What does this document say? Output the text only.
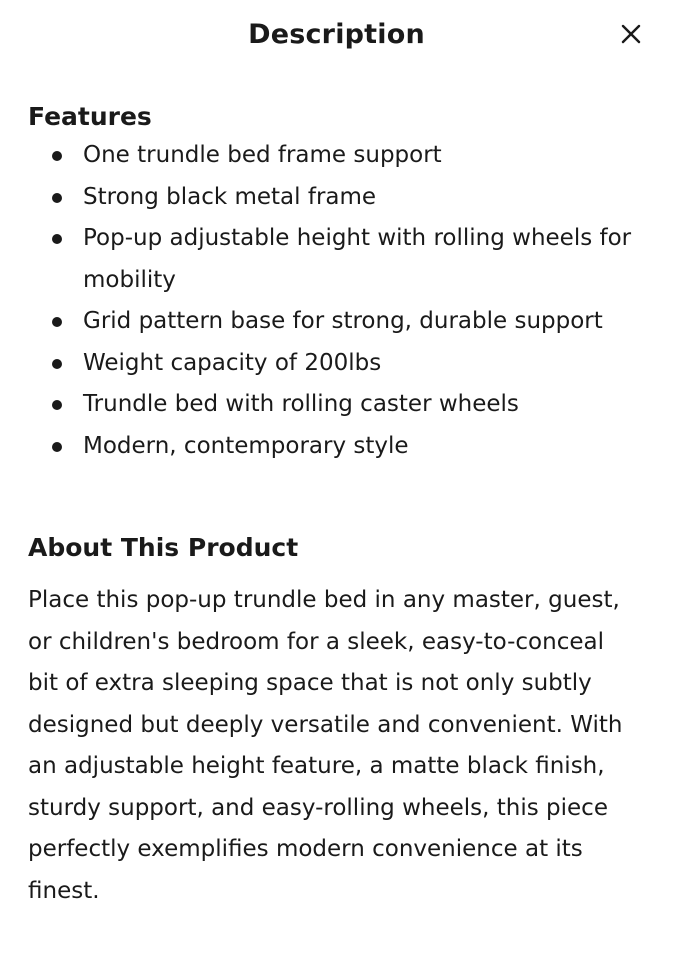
Description
Features
One trundle bed frame support
Strong black metal frame
Pop-up adjustable height with rolling wheels for mobility
Grid pattern base for strong, durable support
Weight capacity of 200lbs
Trundle bed with rolling caster wheels
Modern, contemporary style
About This Product

Place this pop-up trundle bed in any master, guest, or children's bedroom for a sleek, easy-to-conceal bit of extra sleeping space that is not only subtly designed but deeply versatile and convenient. With an adjustable height feature, a matte black finish, sturdy support, and easy-rolling wheels, this piece perfectly exemplifies modern convenience at its finest.
